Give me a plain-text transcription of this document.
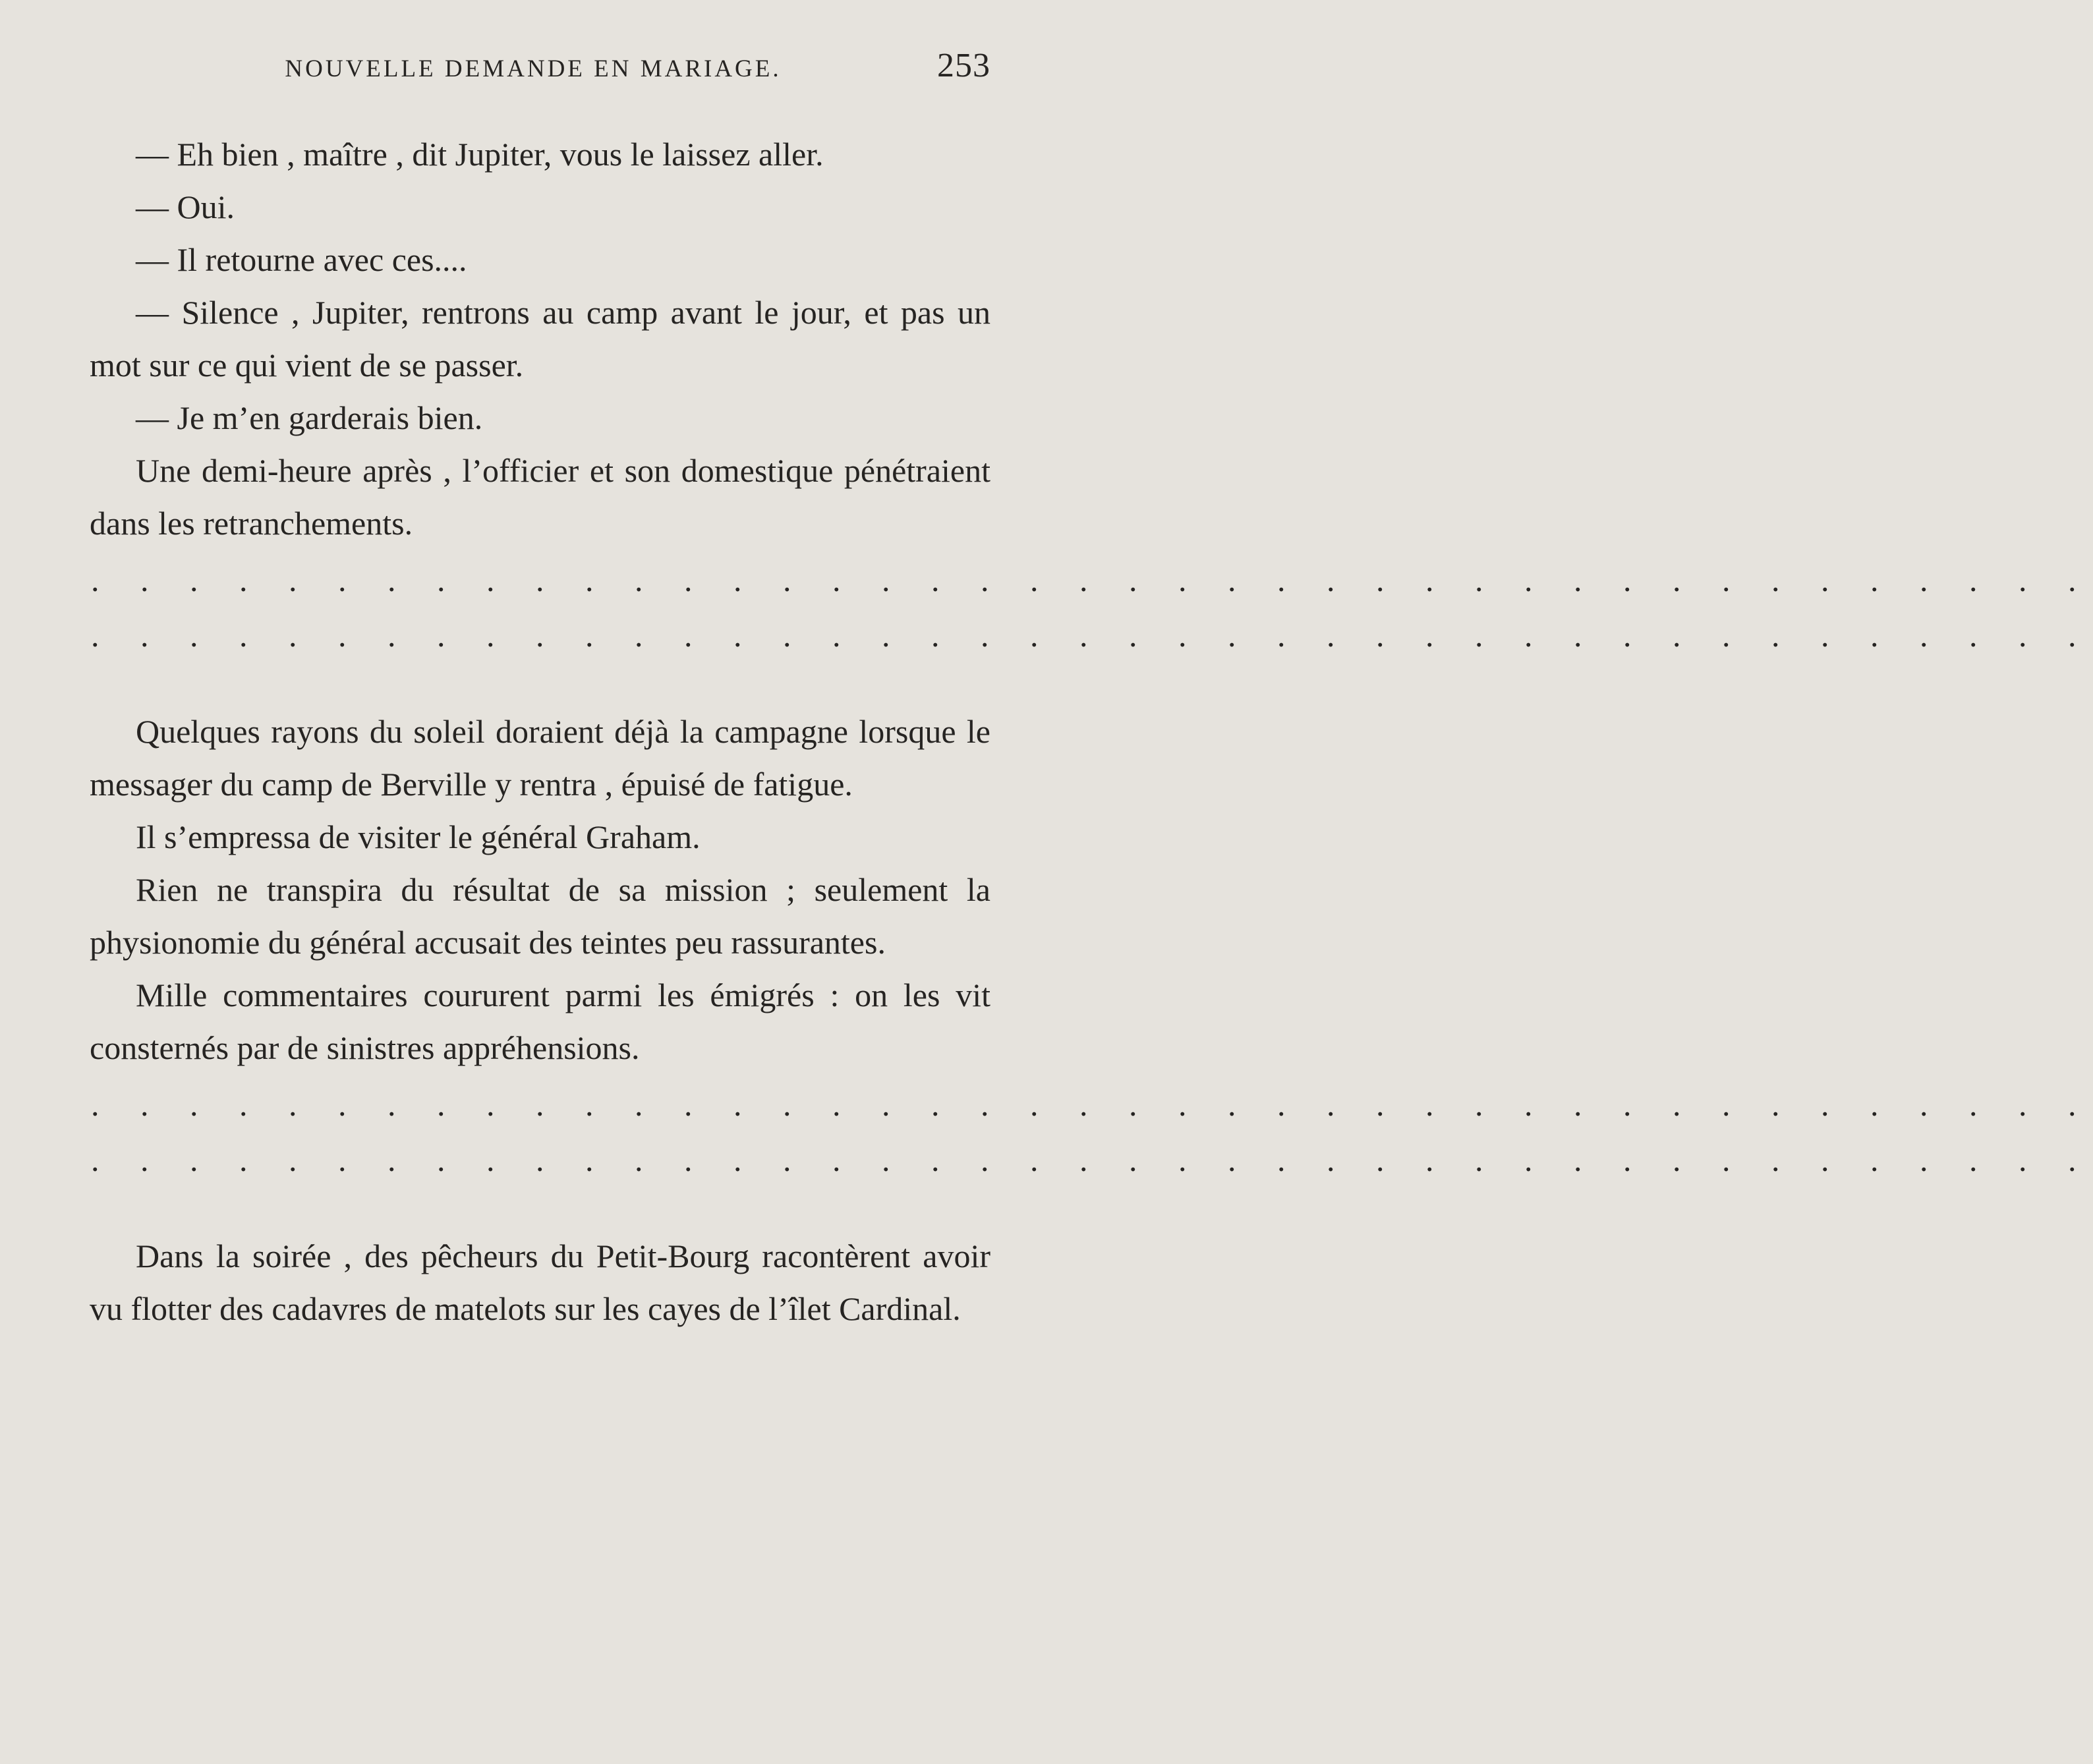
NOUVELLE DEMANDE EN MARIAGE.	253

— Eh bien , maître , dit Jupiter, vous le laissez aller.

— Oui.

— Il retourne avec ces....

— Silence , Jupiter, rentrons au camp avant le jour, et pas un mot sur ce qui vient de se passer.

— Je m’en garderais bien.

Une demi-heure après , l’officier et son domestique pénétraient dans les retranchements.

. . . . . . . . . . . . . . . . . . . . . . . . . . . . . . . . . . . . . . . . .
. . . . . . . . . . . . . . . . . . . . . . . . . . . . . . . . . . . . . . . . .

Quelques rayons du soleil doraient déjà la campagne lorsque le messager du camp de Berville y rentra , épuisé de fatigue.

Il s’empressa de visiter le général Graham.

Rien ne transpira du résultat de sa mission ; seulement la physionomie du général accusait des teintes peu rassurantes.

Mille commentaires coururent parmi les émigrés : on les vit consternés par de sinistres appréhensions.

. . . . . . . . . . . . . . . . . . . . . . . . . . . . . . . . . . . . . . . . .
. . . . . . . . . . . . . . . . . . . . . . . . . . . . . . . . . . . . . . . . .

Dans la soirée , des pêcheurs du Petit-Bourg racontèrent avoir vu flotter des cadavres de matelots sur les cayes de l’îlet Cardinal.
